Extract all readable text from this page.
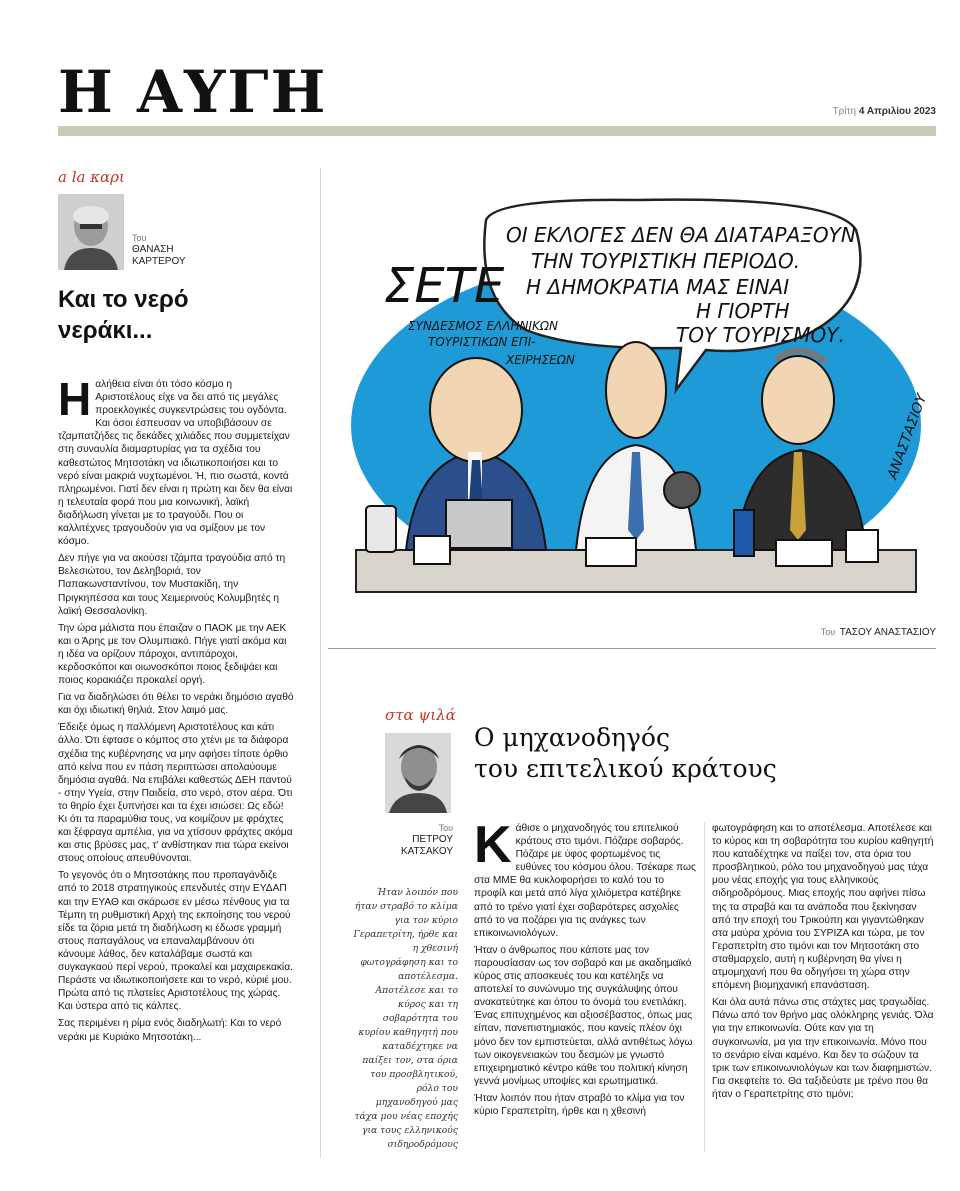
Η ΑΥΓΗ	Τρίτη 4 Απριλίου 2023
a la καρι
Του
ΘΑΝΑΣΗ
ΚΑΡΤΕΡΟΥ
Και το νερό
νεράκι...

Ηαλήθεια είναι ότι τόσο κόσμο η Αριστοτέλους είχε να δει από τις μεγάλες προεκλογικές συγκεντρώσεις του ογδόντα. Και όσοι έσπευσαν να υποβιβάσουν σε τζαμπατζήδες τις δεκάδες χιλιάδες που συμμετείχαν στη συναυλία διαμαρτυρίας για τα σχέδια του καθεστώτος Μητσοτάκη να ιδιωτικοποιήσει και το νερό είναι μακριά νυχτωμένοι. Ή, πιο σωστά, κοντά πληρωμένοι. Γιατί δεν είναι η πρώτη και δεν θα είναι η τελευταία φορά που μια κοινωνική, λαϊκή διαδήλωση γίνεται με το τραγούδι. Που οι καλλιτέχνες τραγουδούν για να σμίξουν με τον κόσμο.

Δεν πήγε για να ακούσει τζάμπα τραγούδια από τη Βελεσιώτου, τον Δεληβοριά, τον Παπακωνσταντίνου, τον Μυστακίδη, την Πριγκηπέσσα και τους Χειμερινούς Κολυμβητές η λαϊκή Θεσσαλονίκη.

Την ώρα μάλιστα που έπαιζαν ο ΠΑΟΚ με την ΑΕΚ και ο Άρης με τον Ολυμπιακό. Πήγε γιατί ακόμα και η ιδέα να ορίζουν πάροχοι, αντιπάροχοι, κερδοσκόποι και οιωνοσκόποι ποιος ξεδιψάει και ποιος κορακιάζει προκαλεί οργή.

Για να διαδηλώσει ότι θέλει το νεράκι δημόσιο αγαθό και όχι ιδιωτική θηλιά. Στον λαιμό μας.

Έδειξε όμως η παλλόμενη Αριστοτέλους και κάτι άλλο. Ότι έφτασε ο κόμπος στο χτένι με τα διάφορα σχέδια της κυβέρνησης να μην αφήσει τίποτε όρθιο από κείνα που εν πάση περιπτώσει απολαύουμε δημόσια αγαθά. Να επιβάλει καθεστώς ΔΕΗ παντού - στην Υγεία, στην Παιδεία, στο νερό, στον αέρα. Ότι το θηρίο έχει ξυπνήσει και τα έχει ισιώσει: Ως εδώ! Κι ότι τα παραμύθια τους, να κοιμίζουν με φράχτες και ξέφραγα αμπέλια, για να χτίσουν φράχτες ακόμα και στις βρύσες μας, τ' ανθίστηκαν πια τώρα εκείνοι στους οποίους απευθύνονται.

Το γεγονός ότι ο Μητσοτάκης που προπαγάνδιζε από το 2018 στρατηγικούς επενδυτές στην ΕΥΔΑΠ και την ΕΥΑΘ και σκάρωσε εν μέσω πένθους για τα Τέμπη τη ρυθμιστική Αρχή της εκποίησης του νερού είδε τα ζόρια μετά τη διαδήλωση κι έδωσε γραμμή στους παπαγάλους να επαναλαμβάνουν ότι κάνουμε λάθος, δεν καταλάβαμε σωστά και συγκαγκαού περί νερού, προκαλεί και μαχαιρεκακία. Περάστε να ιδιωτικοποιήσετε και το νερό, κύριέ μου. Πρώτα από τις πλατείες Αριστοτέλους της χώρας. Και ύστερα από τις κάλπες.

Σας περιμένει η ρίμα ενός διαδηλωτή: Και το νερό νεράκι με Κυριάκο Μητσοτάκη...

ΟΙ ΕΚΛΟΓΕΣ ΔΕΝ ΘΑ ΔΙΑΤΑΡΑΞΟΥΝ
ΤΗΝ ΤΟΥΡΙΣΤΙΚΗ ΠΕΡΙΟΔΟ.
Η ΔΗΜΟΚΡΑΤΙΑ ΜΑΣ ΕΙΝΑΙ
Η ΓΙΟΡΤΗ
ΤΟΥ ΤΟΥΡΙΣΜΟΥ.
ΣΕΤΕ
ΣΥΝΔΕΣΜΟΣ ΕΛΛΗΝΙΚΩΝ
ΤΟΥΡΙΣΤΙΚΩΝ ΕΠΙ-
ΧΕΙΡΗΣΕΩΝ
ΑΝΑΣΤΑΣΙΟΥ
Του ΤΑΣΟΥ ΑΝΑΣΤΑΣΙΟΥ
στα ψιλά
Του
ΠΕΤΡΟΥ
ΚΑΤΣΑΚΟΥ
Ο μηχανοδηγός
του επιτελικού κράτους
Ήταν λοιπόν που ήταν στραβό το κλίμα για τον κύριο Γεραπετρίτη, ήρθε και η χθεσινή φωτογράφηση και το αποτέλεσμα. Αποτέλεσε και το κύρος και τη σοβαρότητα του κυρίου καθηγητή που καταδέχτηκε να παίξει τον, στα όρια του προσβλητικού, ρόλο του μηχανοδηγού μας τάχα μου νέας εποχής για τους ελληνικούς σιδηροδρόμους

Κάθισε ο μηχανοδηγός του επιτελικού κράτους στο τιμόνι. Πόζαρε σοβαρός. Πόζαρε με ύφος φορτωμένος τις ευθύνες του κόσμου όλου. Τσέκαρε πως στα ΜΜΕ θα κυκλοφορήσει το καλό του το προφίλ και μετά από λίγα χιλιόμετρα κατέβηκε από το τρένο γιατί έχει σοβαρότερες ασχολίες από το να ποζάρει για τις ανάγκες των επικοινωνιολόγων.

Ήταν ο άνθρωπος που κάποτε μας τον παρουσίασαν ως τον σοβαρό και με ακαδημαϊκό κύρος στις αποσκευές του και κατέληξε να αποτελεί το συνώνυμο της συγκάλυψης όπου ανακατεύτηκε και όπου το όνομά του ενετιλάκη. Ένας επιτυχημένος και αξιοσέβαστος, όπως μας είπαν, πανεπιστημιακός, που κανείς πλέον όχι μόνο δεν τον εμπιστεύεται, αλλά αντιθέτως λόγω των οικογενειακών του δεσμών με γνωστό επιχειρηματικό κέντρο κάθε του πολιτική κίνηση γεννά μονίμως υποψίες και ερωτηματικά.

Ήταν λοιπόν που ήταν στραβό το κλίμα για τον κύριο Γεραπετρίτη, ήρθε και η χθεσινή

φωτογράφηση και το αποτέλεσμα. Αποτέλεσε και το κύρος και τη σοβαρότητα του κυρίου καθηγητή που καταδέχτηκε να παίξει τον, στα όρια του προσβλητικού, ρόλο του μηχανοδηγού μας τάχα μου νέας εποχής για τους ελληνικούς σιδηροδρόμους. Μιας εποχής που αφήνει πίσω της τα στραβά και τα ανάποδα που ξεκίνησαν από την εποχή του Τρικούπη και γιγαντώθηκαν στα μαύρα χρόνια του ΣΥΡΙΖΑ και τώρα, με τον Γεραπετρίτη στο τιμόνι και τον Μητσοτάκη στο σταθμαρχείο, αυτή η κυβέρνηση θα γίνει η ατμομηχανή που θα οδηγήσει τη χώρα στην επόμενη βιομηχανική επανάσταση.

Και όλα αυτά πάνω στις στάχτες μας τραγωδίας. Πάνω από τον θρήνο μας ολόκληρης γενιάς. Όλα για την επικοινωνία. Ούτε καν για τη συγκοινωνία, μα για την επικοινωνία. Μόνο που το σενάριο είναι καμένο. Και δεν το σώζουν τα τρικ των επικοινωνιολόγων και των διαφημιστών. Για σκεφτείτε το. Θα ταξιδεύατε με τρένο που θα ήταν ο Γεραπετρίτης στο τιμόνι;
